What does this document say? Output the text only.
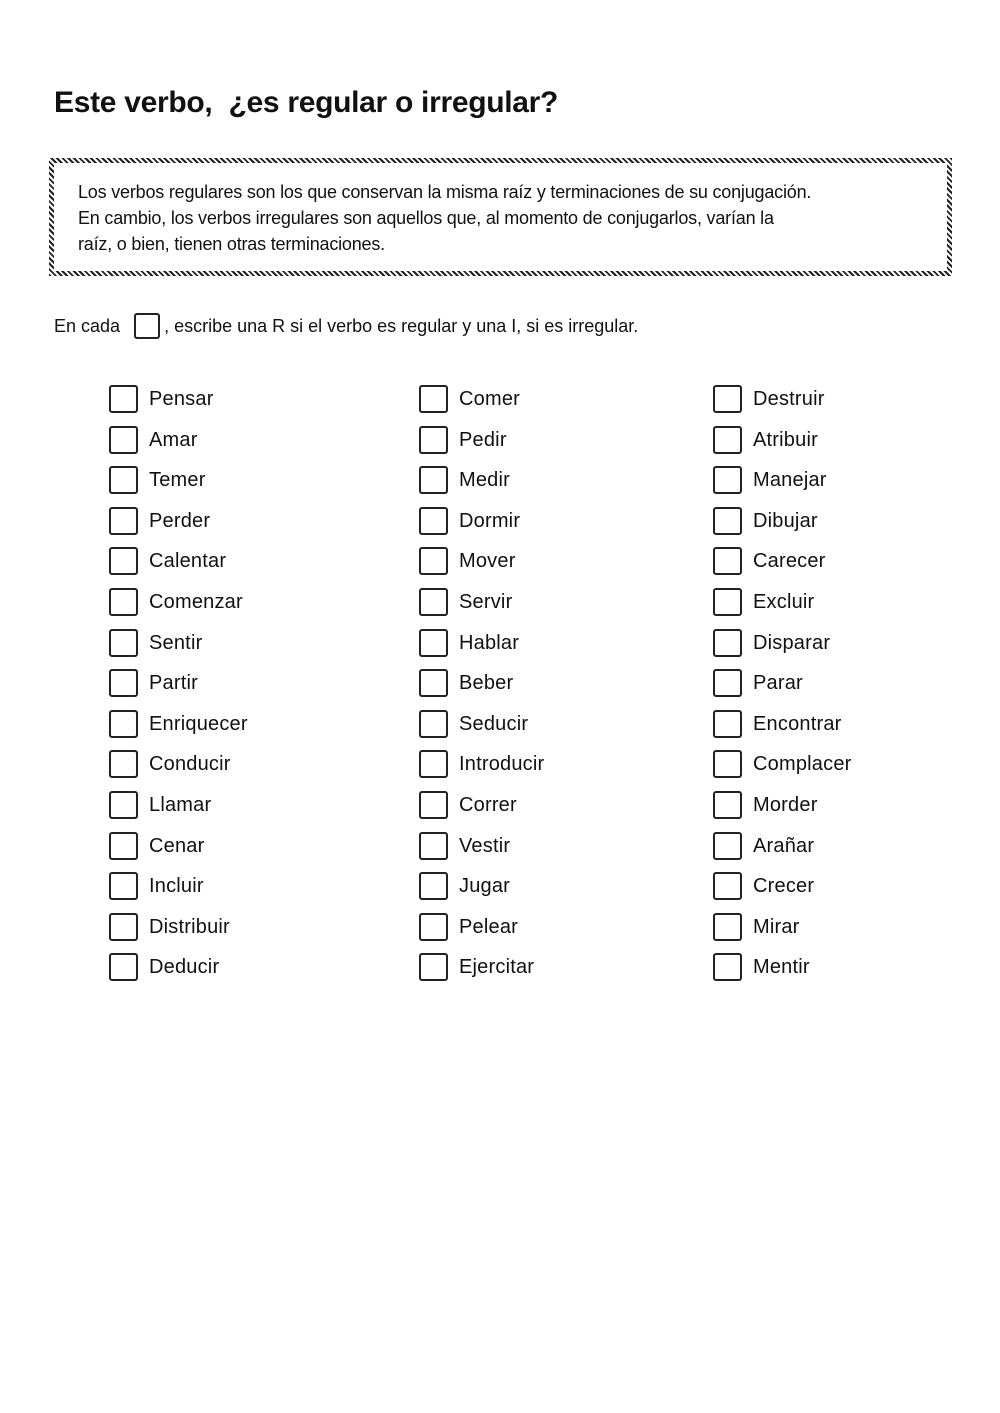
Este verbo,  ¿es regular o irregular?
Los verbos regulares son los que conservan la misma raíz y terminaciones de su conjugación.
En cambio, los verbos irregulares son aquellos que, al momento de conjugarlos, varían la
raíz, o bien, tienen otras terminaciones.
En cada , escribe una R si el verbo es regular y una I, si es irregular.
Pensar
Amar
Temer
Perder
Calentar
Comenzar
Sentir
Partir
Enriquecer
Conducir
Llamar
Cenar
Incluir
Distribuir
Deducir
Comer
Pedir
Medir
Dormir
Mover
Servir
Hablar
Beber
Seducir
Introducir
Correr
Vestir
Jugar
Pelear
Ejercitar
Destruir
Atribuir
Manejar
Dibujar
Carecer
Excluir
Disparar
Parar
Encontrar
Complacer
Morder
Arañar
Crecer
Mirar
Mentir
